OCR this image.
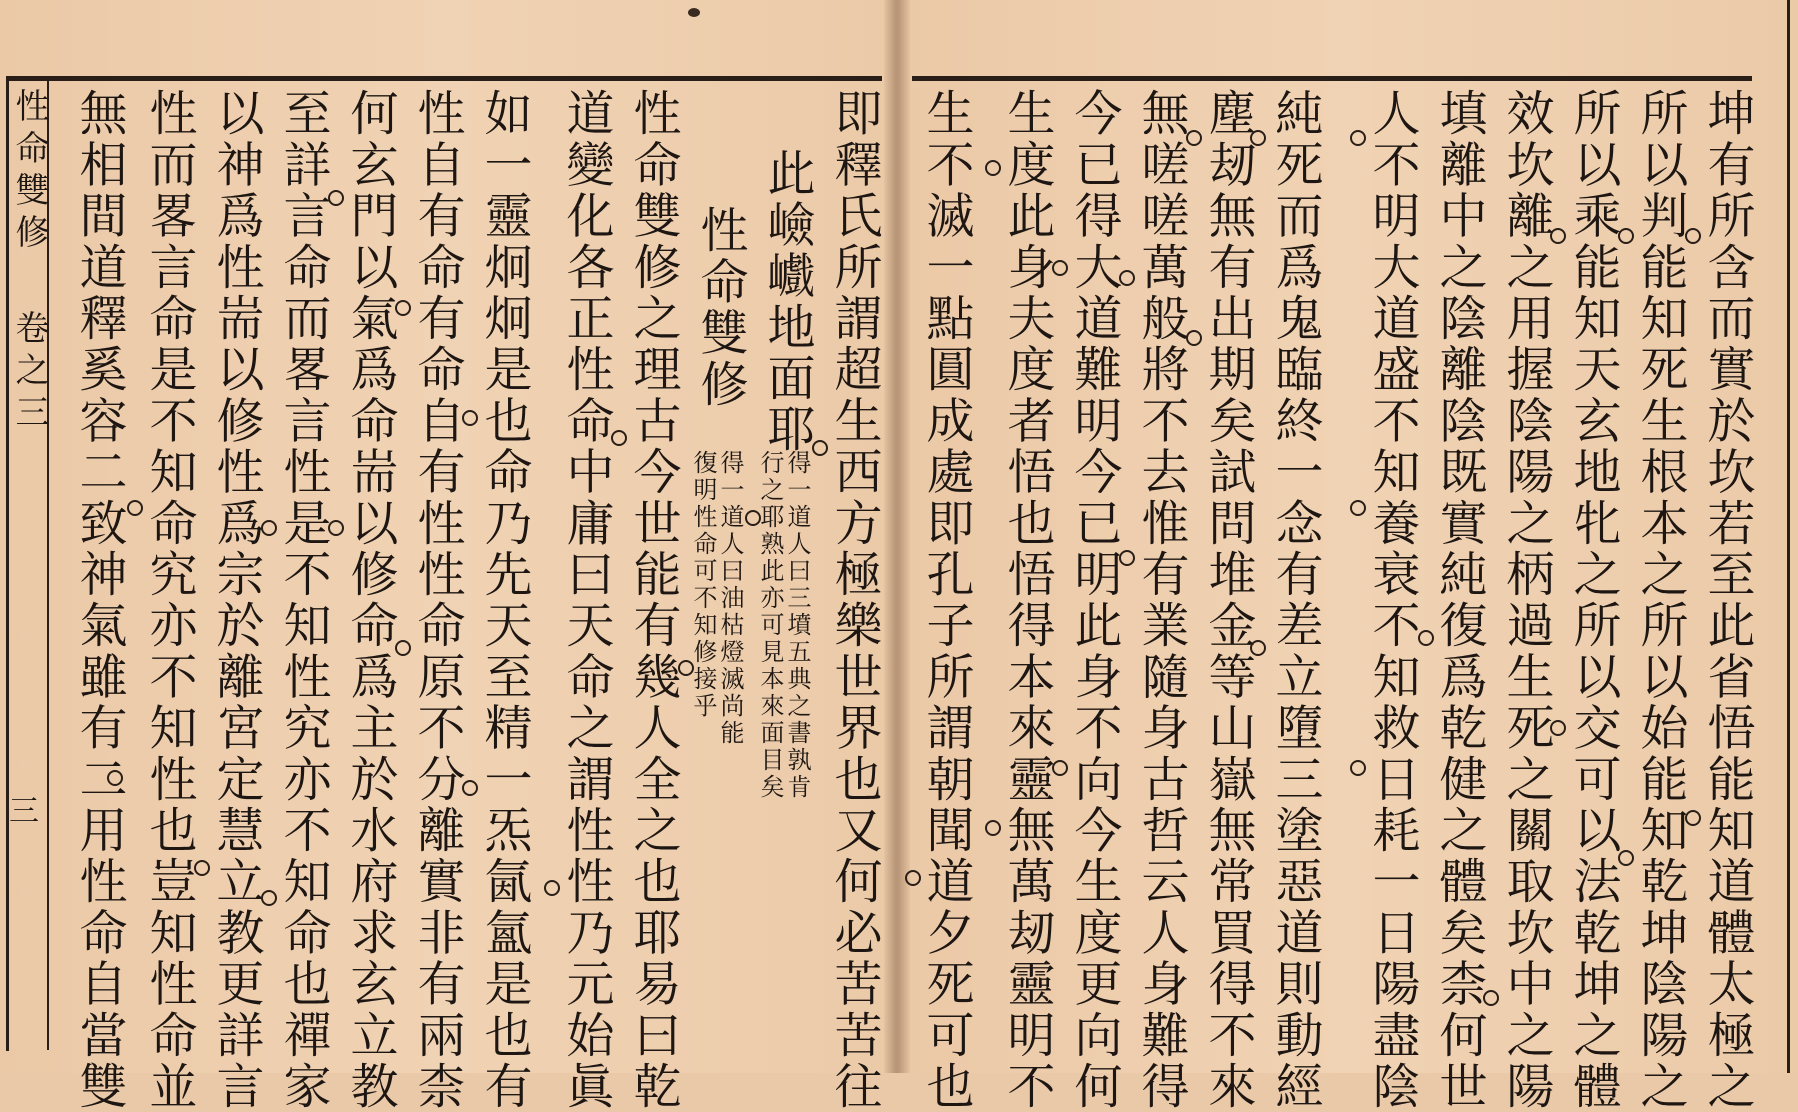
性命雙修
卷之三
三	坤有所含而實於坎若至此省悟能知道體太極之
所以判能知死生根本之所以始能知乾坤陰陽之
所以乘能知天玄地牝之所以交可以法乾坤之體
效坎離之用握陰陽之柄過生死之關取坎中之陽
填離中之陰離陰既實純復爲乾健之體矣柰何世
人不明大道盛不知養衰不知救日耗一日陽盡陰
純死而爲鬼臨終一念有差立墮三塗惡道則動經
塵刼無有出期矣試問堆金等山嶽無常買得不來
無嗟嗟萬般將不去惟有業隨身古哲云人身難得
今已得大道難明今已明此身不向今生度更向何
生度此身夫度者悟也悟得本來靈無萬刼靈明不
生不滅一點圓成處即孔子所謂朝聞道夕死可也
即釋氏所謂超生西方極樂世界也又何必苦苦往
此嶮巇地面耶
得一道人曰三墳五典之書孰肯
行之耶熟此亦可見本來面目矣
性命雙修
得一道人曰油枯燈滅尚能
復明性命可不知修接乎
性命雙修之理古今世能有幾人全之也耶易曰乾
道變化各正性命中庸曰天命之謂性性乃元始眞
如一靈炯炯是也命乃先天至精一炁氤氳是也有
性自有命有命自有性性命原不分離實非有兩柰
何玄門以氣爲命耑以修命爲主於水府求玄立教
至詳言命而畧言性是不知性究亦不知命也禪家
以神爲性耑以修性爲宗於離宮定慧立教更詳言
性而畧言命是不知命究亦不知性也豈知性命並
無相間道釋奚容二致神氣雖有二用性命自當雙
